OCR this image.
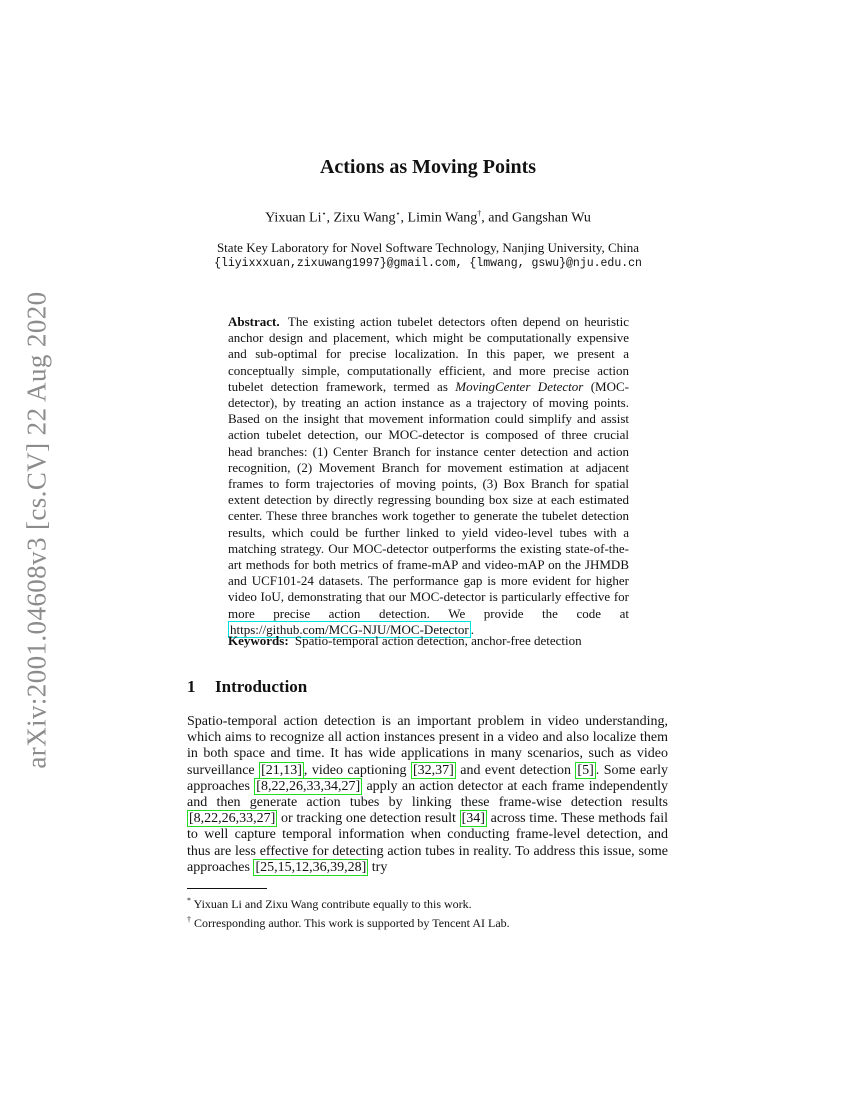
arXiv:2001.04608v3 [cs.CV] 22 Aug 2020
Actions as Moving Points
Yixuan Li⋆, Zixu Wang⋆, Limin Wang†, and Gangshan Wu
State Key Laboratory for Novel Software Technology, Nanjing University, China
{liyixxxuan,zixuwang1997}@gmail.com, {lmwang, gswu}@nju.edu.cn
Abstract. The existing action tubelet detectors often depend on heuristic anchor design and placement, which might be computationally expensive and sub-optimal for precise localization. In this paper, we present a conceptually simple, computationally efficient, and more precise action tubelet detection framework, termed as MovingCenter Detector (MOC-detector), by treating an action instance as a trajectory of moving points. Based on the insight that movement information could simplify and assist action tubelet detection, our MOC-detector is composed of three crucial head branches: (1) Center Branch for instance center detection and action recognition, (2) Movement Branch for movement estimation at adjacent frames to form trajectories of moving points, (3) Box Branch for spatial extent detection by directly regressing bounding box size at each estimated center. These three branches work together to generate the tubelet detection results, which could be further linked to yield video-level tubes with a matching strategy. Our MOC-detector outperforms the existing state-of-the-art methods for both metrics of frame-mAP and video-mAP on the JHMDB and UCF101-24 datasets. The performance gap is more evident for higher video IoU, demonstrating that our MOC-detector is particularly effective for more precise action detection. We provide the code at https://github.com/MCG-NJU/MOC-Detector .
Keywords: Spatio-temporal action detection, anchor-free detection
1 Introduction
Spatio-temporal action detection is an important problem in video understanding, which aims to recognize all action instances present in a video and also localize them in both space and time. It has wide applications in many scenarios, such as video surveillance [21,13] , video captioning [32,37] and event detection [5] . Some early approaches [8,22,26,33,34,27] apply an action detector at each frame independently and then generate action tubes by linking these frame-wise detection results [8,22,26,33,27] or tracking one detection result [34] across time. These methods fail to well capture temporal information when conducting frame-level detection, and thus are less effective for detecting action tubes in reality. To address this issue, some approaches [25,15,12,36,39,28] try
* Yixuan Li and Zixu Wang contribute equally to this work.
† Corresponding author. This work is supported by Tencent AI Lab.
